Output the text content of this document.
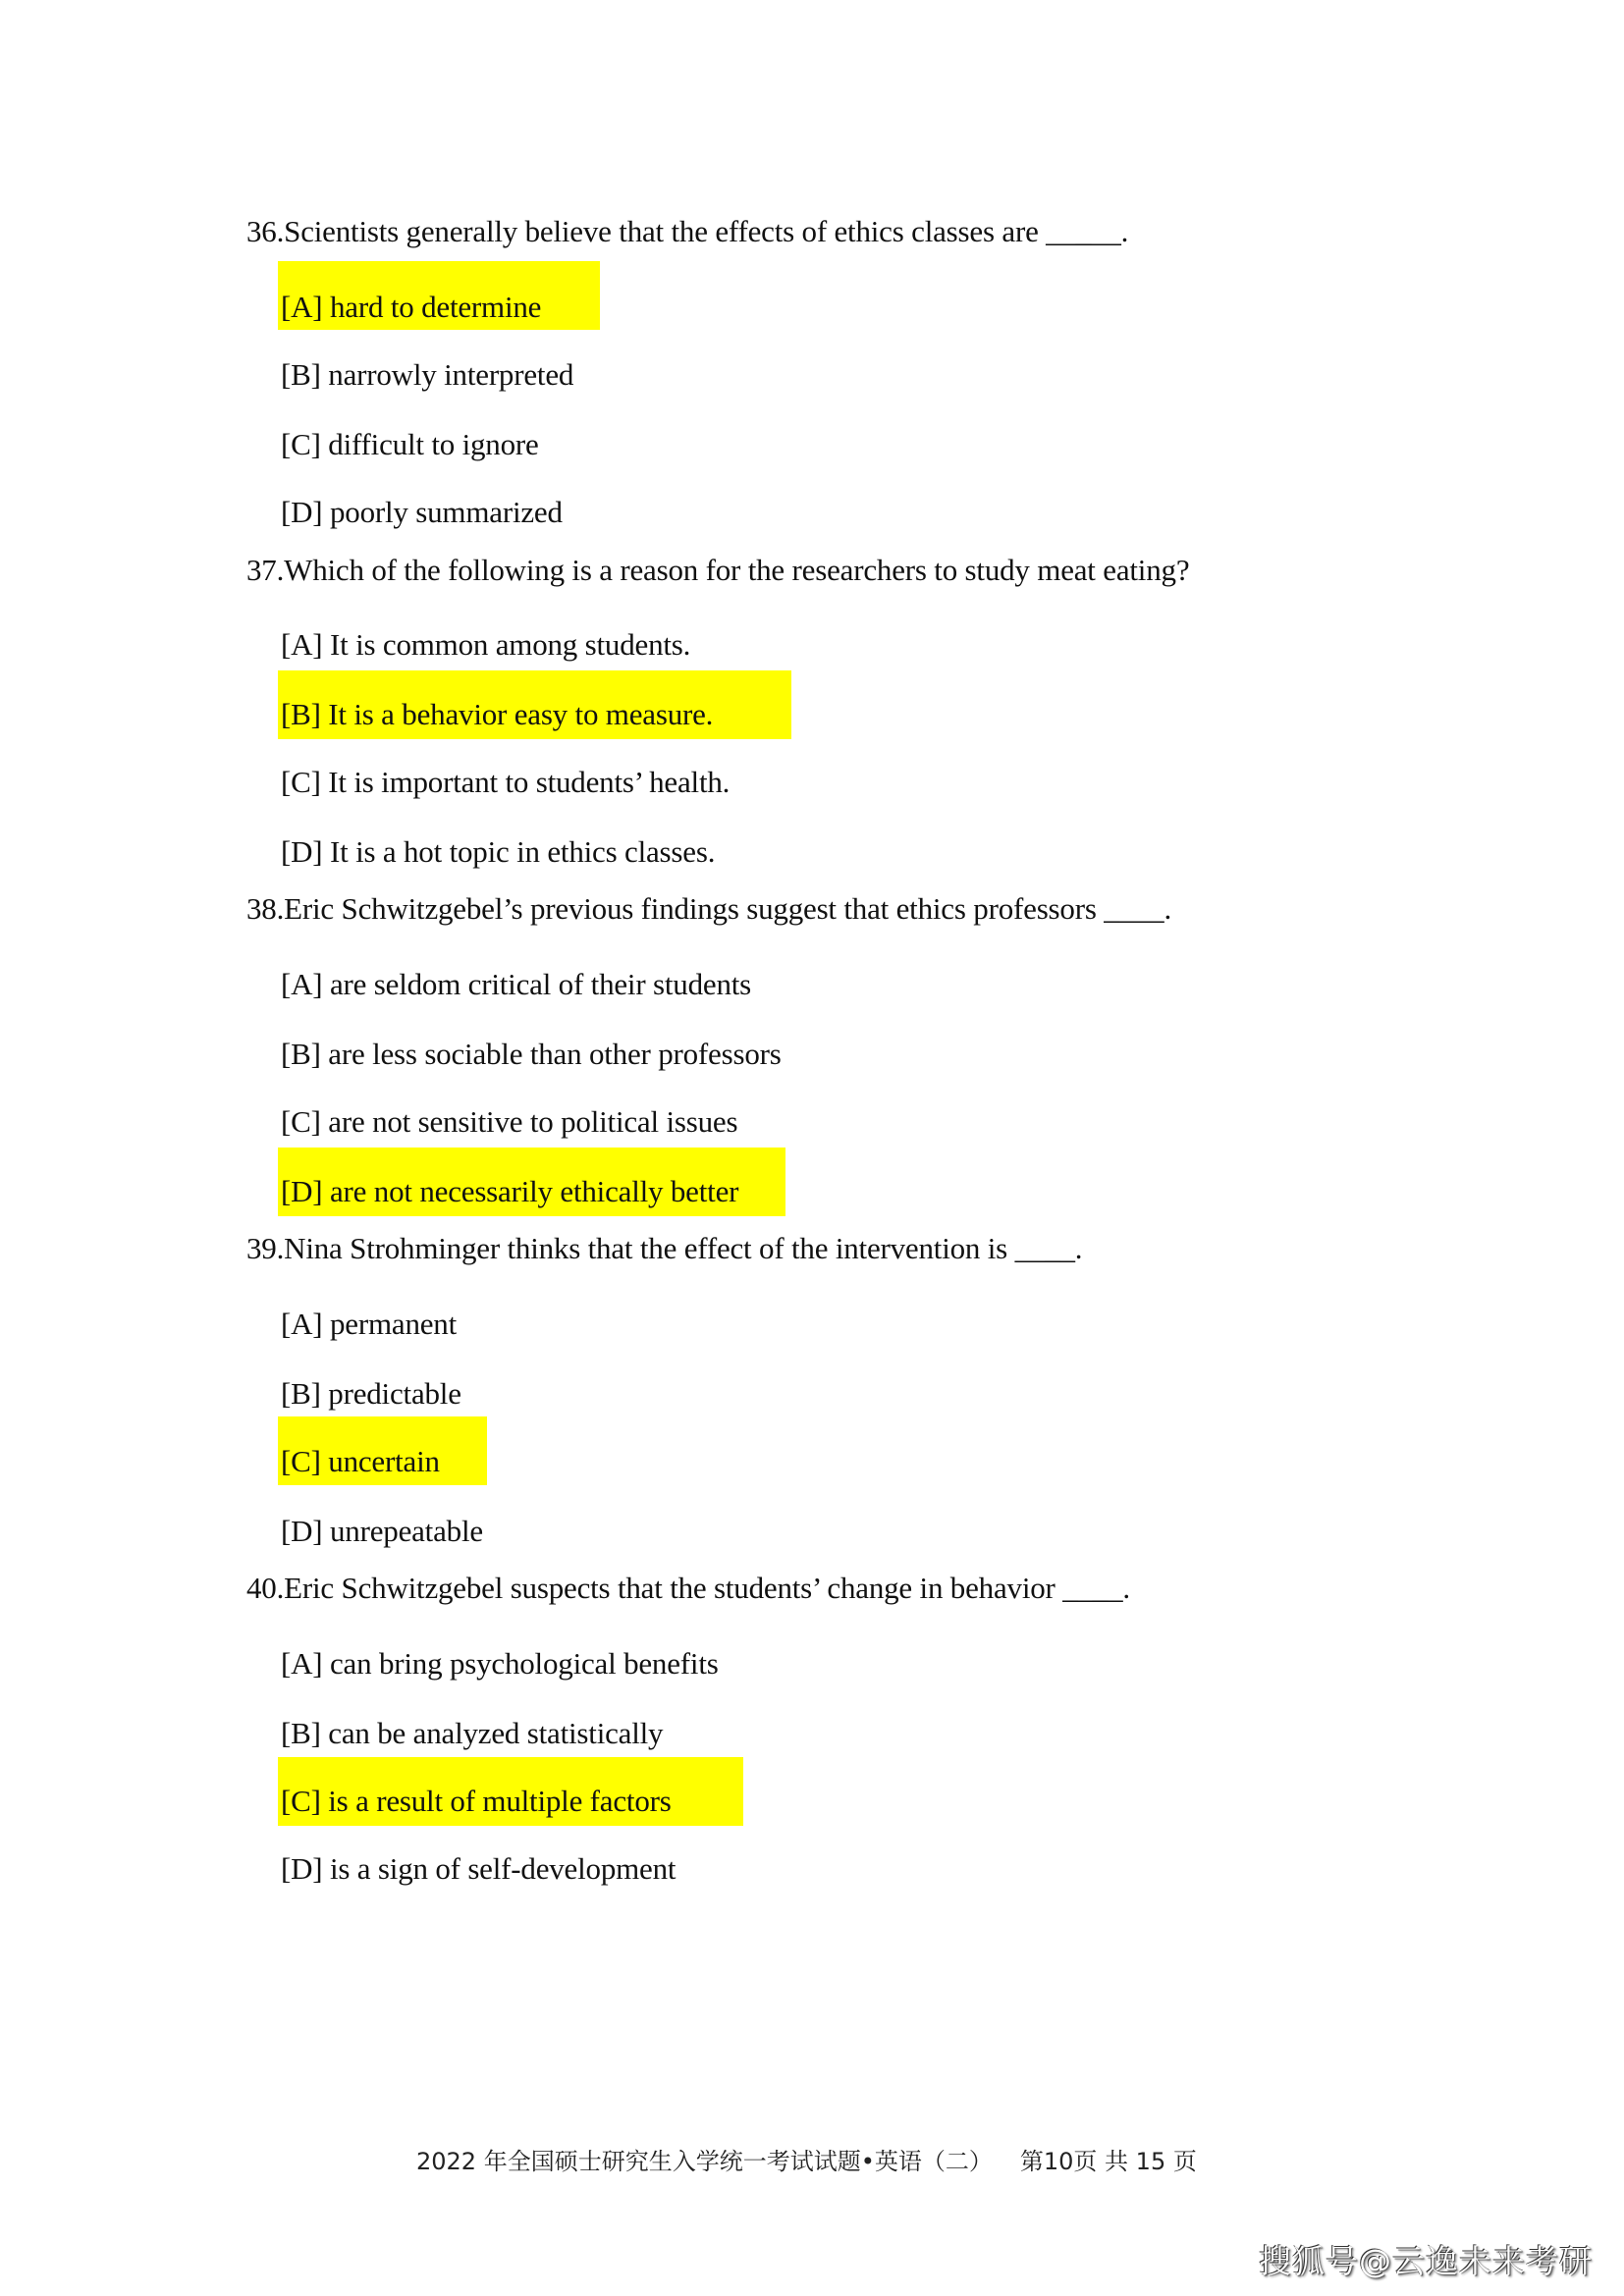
36.Scientists generally believe that the effects of ethics classes are _____.
[A] hard to determine
[B] narrowly interpreted
[C] difficult to ignore
[D] poorly summarized
37.Which of the following is a reason for the researchers to study meat eating?
[A] It is common among students.
[B] It is a behavior easy to measure.
[C] It is important to students’ health.
[D] It is a hot topic in ethics classes.
38.Eric Schwitzgebel’s previous findings suggest that ethics professors ____.
[A] are seldom critical of their students
[B] are less sociable than other professors
[C] are not sensitive to political issues
[D] are not necessarily ethically better
39.Nina Strohminger thinks that the effect of the intervention is ____.
[A] permanent
[B] predictable
[C] uncertain
[D] unrepeatable
40.Eric Schwitzgebel suspects that the students’ change in behavior ____.
[A] can bring psychological benefits
[B] can be analyzed statistically
[C] is a result of multiple factors
[D] is a sign of self-development
2022 年全国硕士研究生入学统一考试试题•英语（二） 第10页 共 15 页
搜狐号@云逸未来考研
